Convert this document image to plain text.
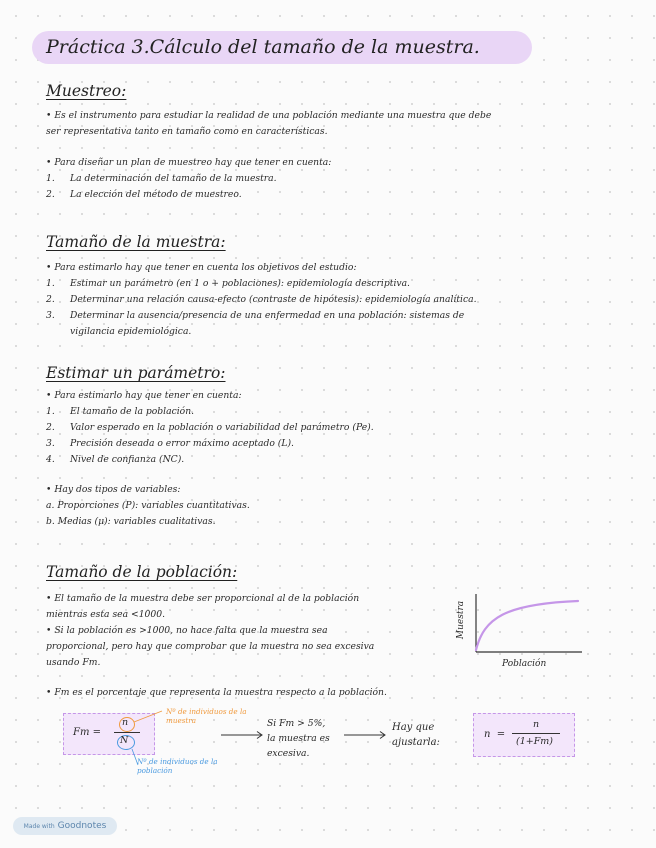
Práctica 3.Cálculo del tamaño de la muestra.
Muestreo:
• Es el instrumento para estudiar la realidad de una población mediante una muestra que debe
ser representativa tanto en tamaño como en características.
• Para diseñar un plan de muestreo hay que tener en cuenta:
1. La determinación del tamaño de la muestra.
2. La elección del método de muestreo.
Tamaño de la muestra:
• Para estimarlo hay que tener en cuenta los objetivos del estudio:
1. Estimar un parámetro (en 1 o + poblaciones): epidemiología descriptiva.
2. Determinar una relación causa-efecto (contraste de hipótesis): epidemiología analítica.
3. Determinar la ausencia/presencia de una enfermedad en una población: sistemas de
vigilancia epidemiológica.
Estimar un parámetro:
• Para estimarlo hay que tener en cuenta:
1. El tamaño de la población.
2. Valor esperado en la población o variabilidad del parámetro (Pe).
3. Precisión deseada o error máximo aceptado (L).
4. Nivel de confianza (NC).
• Hay dos tipos de variables:
a. Proporciones (P): variables cuantitativas.
b. Medias (μ): variables cualitativas.
Tamaño de la población:
• El tamaño de la muestra debe ser proporcional al de la población
mientras esta sea <1000.
• Si la población es >1000, no hace falta que la muestra sea
proporcional, pero hay que comprobar que la muestra no sea excesiva
usando Fm.
• Fm es el porcentaje que representa la muestra respecto a la población.
Muestra
Población
Fm =
n
N
Nº de individuos de la
muestra
Nº de individuos de la
población
Si Fm > 5%,
la muestra es
excesiva.
Hay que
ajustarla:
n  =
n
(1+Fm)
Made with Goodnotes
